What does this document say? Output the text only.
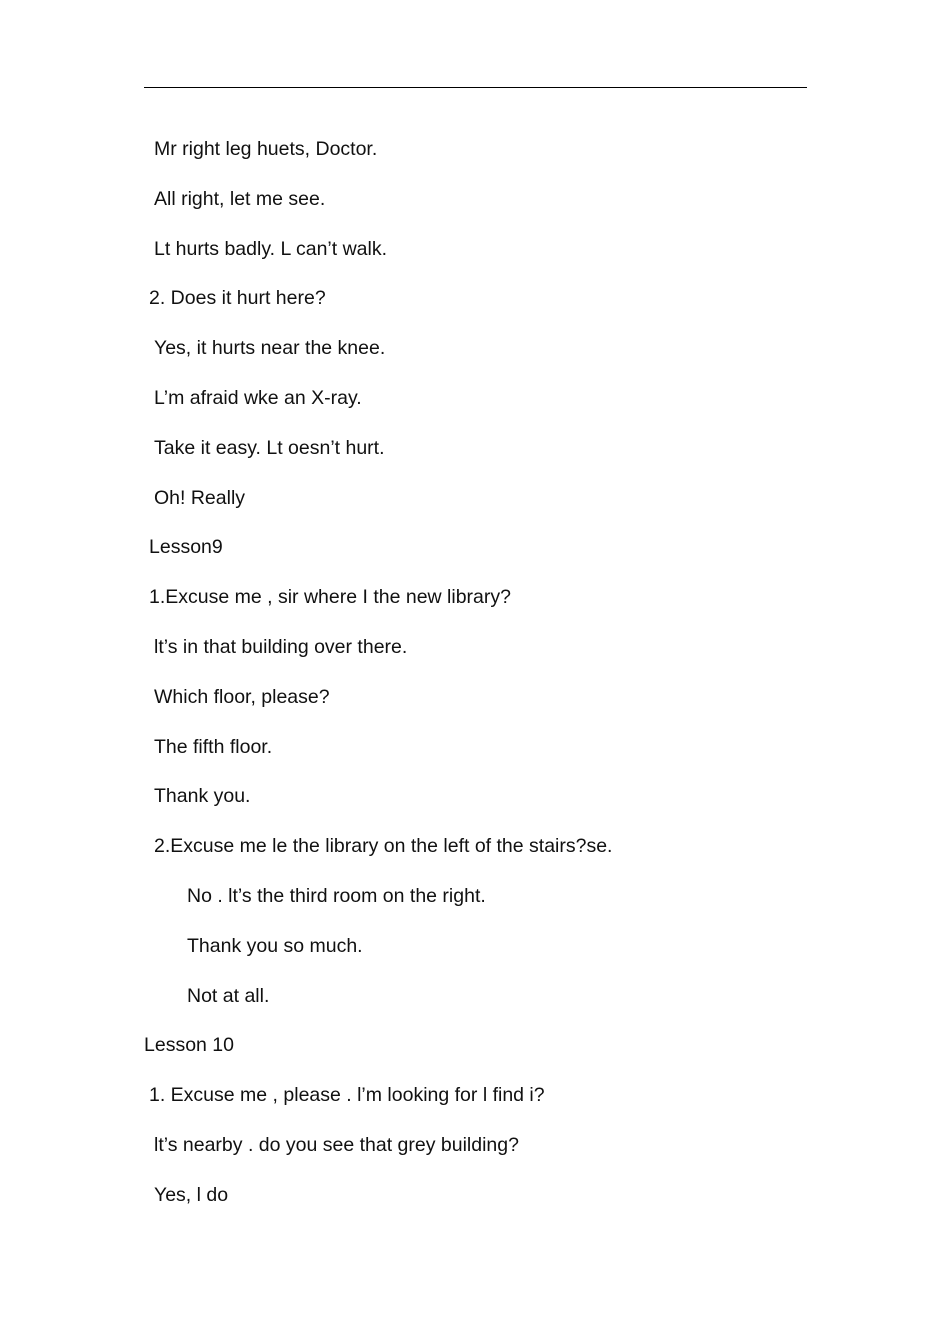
Mr right leg huets, Doctor.
All right, let me see.
Lt hurts badly. L can’t walk.
2. Does it hurt here?
Yes, it hurts near the knee.
L’m afraid wke an X-ray.
Take it easy. Lt oesn’t hurt.
Oh! Really
Lesson9
1.Excuse me , sir where I the new library?
lt’s in that building over there.
Which floor, please?
The fifth floor.
Thank you.
2.Excuse me le the library on the left of the stairs?se.
No . lt’s the third room on the right.
Thank you so much.
Not at all.
Lesson 10
1. Excuse me , please . l’m looking for l find i?
lt’s nearby . do you see that grey building?
Yes, l do
